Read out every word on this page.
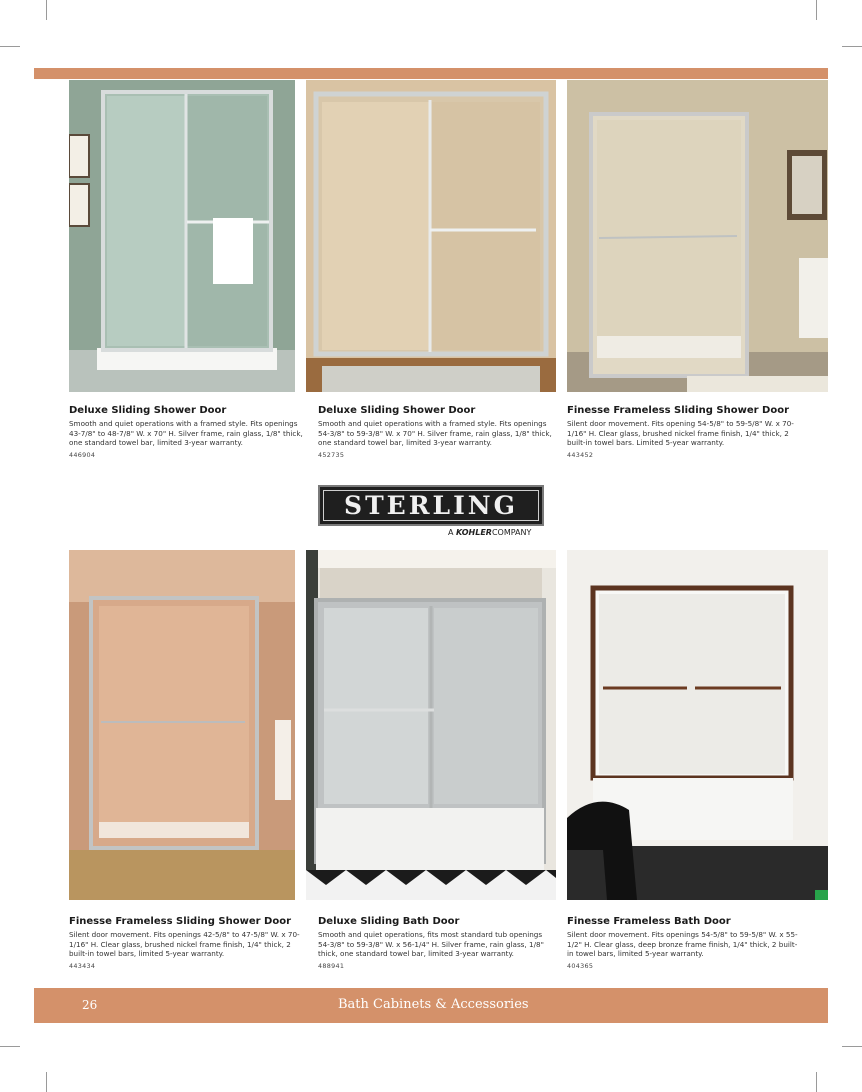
Deluxe Sliding Shower Door

Smooth and quiet operations with a framed style. Fits openings 43-7/8" to 48-7/8" W. x 70" H. Silver frame, rain glass, 1/8" thick, one standard towel bar, limited 3-year warranty.

446904

Deluxe Sliding Shower Door

Smooth and quiet operations with a framed style. Fits openings 54-3/8" to 59-3/8" W. x 70" H. Silver frame, rain glass, 1/8" thick, one standard towel bar, limited 3-year warranty.

452735

Finesse Frameless Sliding Shower Door

Silent door movement. Fits opening 54-5/8" to 59-5/8" W. x 70-1/16" H. Clear glass, brushed nickel frame finish, 1/4" thick, 2 built-in towel bars. Limited 5-year warranty.

443452
STERLING
A KOHLERCOMPANY

Finesse Frameless Sliding Shower Door

Silent door movement. Fits openings 42-5/8" to 47-5/8" W. x 70-1/16" H. Clear glass, brushed nickel frame finish, 1/4" thick, 2 built-in towel bars, limited 5-year warranty.

443434

Deluxe Sliding Bath Door

Smooth and quiet operations, fits most standard tub openings 54-3/8" to 59-3/8" W. x 56-1/4" H. Silver frame, rain glass, 1/8" thick, one standard towel bar, limited 3-year warranty.

488941

Finesse Frameless Bath Door

Silent door movement. Fits openings 54-5/8" to 59-5/8" W. x 55-1/2" H. Clear glass, deep bronze frame finish, 1/4" thick, 2 built-in towel bars, limited 5-year warranty.

404365
26	Bath Cabinets & Accessories
